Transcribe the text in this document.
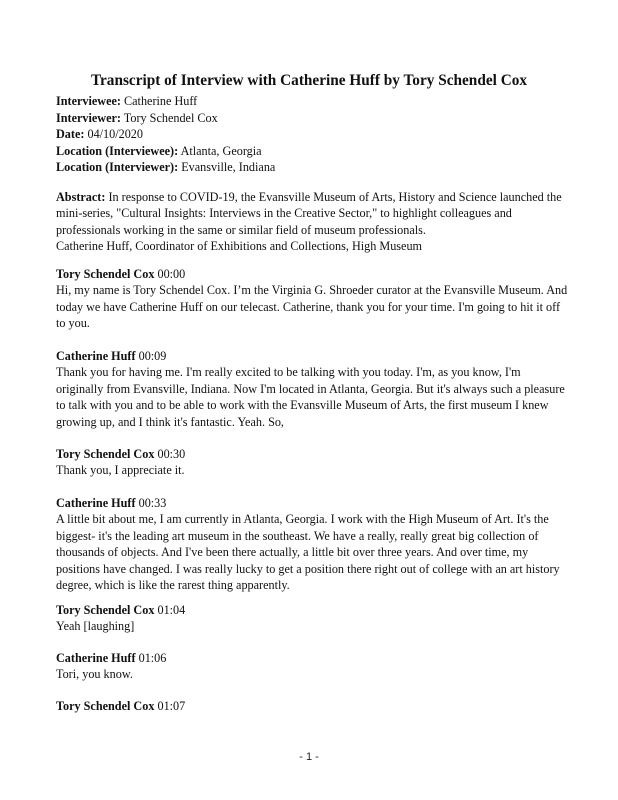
Transcript of Interview with Catherine Huff by Tory Schendel Cox
Interviewee: Catherine Huff
Interviewer: Tory Schendel Cox
Date: 04/10/2020
Location (Interviewee): Atlanta, Georgia
Location (Interviewer): Evansville, Indiana
Abstract: In response to COVID-19, the Evansville Museum of Arts, History and Science launched the mini-series, "Cultural Insights: Interviews in the Creative Sector," to highlight colleagues and professionals working in the same or similar field of museum professionals.
Catherine Huff, Coordinator of Exhibitions and Collections, High Museum
Tory Schendel Cox 00:00
Hi, my name is Tory Schendel Cox. I’m the Virginia G. Shroeder curator at the Evansville Museum. And today we have Catherine Huff on our telecast. Catherine, thank you for your time. I'm going to hit it off to you.
Catherine Huff 00:09
Thank you for having me. I'm really excited to be talking with you today. I'm, as you know, I'm originally from Evansville, Indiana. Now I'm located in Atlanta, Georgia. But it's always such a pleasure to talk with you and to be able to work with the Evansville Museum of Arts, the first museum I knew growing up, and I think it's fantastic. Yeah. So,
Tory Schendel Cox 00:30
Thank you, I appreciate it.
Catherine Huff 00:33
A little bit about me, I am currently in Atlanta, Georgia. I work with the High Museum of Art. It's the biggest- it's the leading art museum in the southeast. We have a really, really great big collection of thousands of objects. And I've been there actually, a little bit over three years. And over time, my positions have changed. I was really lucky to get a position there right out of college with an art history degree, which is like the rarest thing apparently.
Tory Schendel Cox 01:04
Yeah [laughing]
Catherine Huff 01:06
Tori, you know.
Tory Schendel Cox 01:07
- 1 -
